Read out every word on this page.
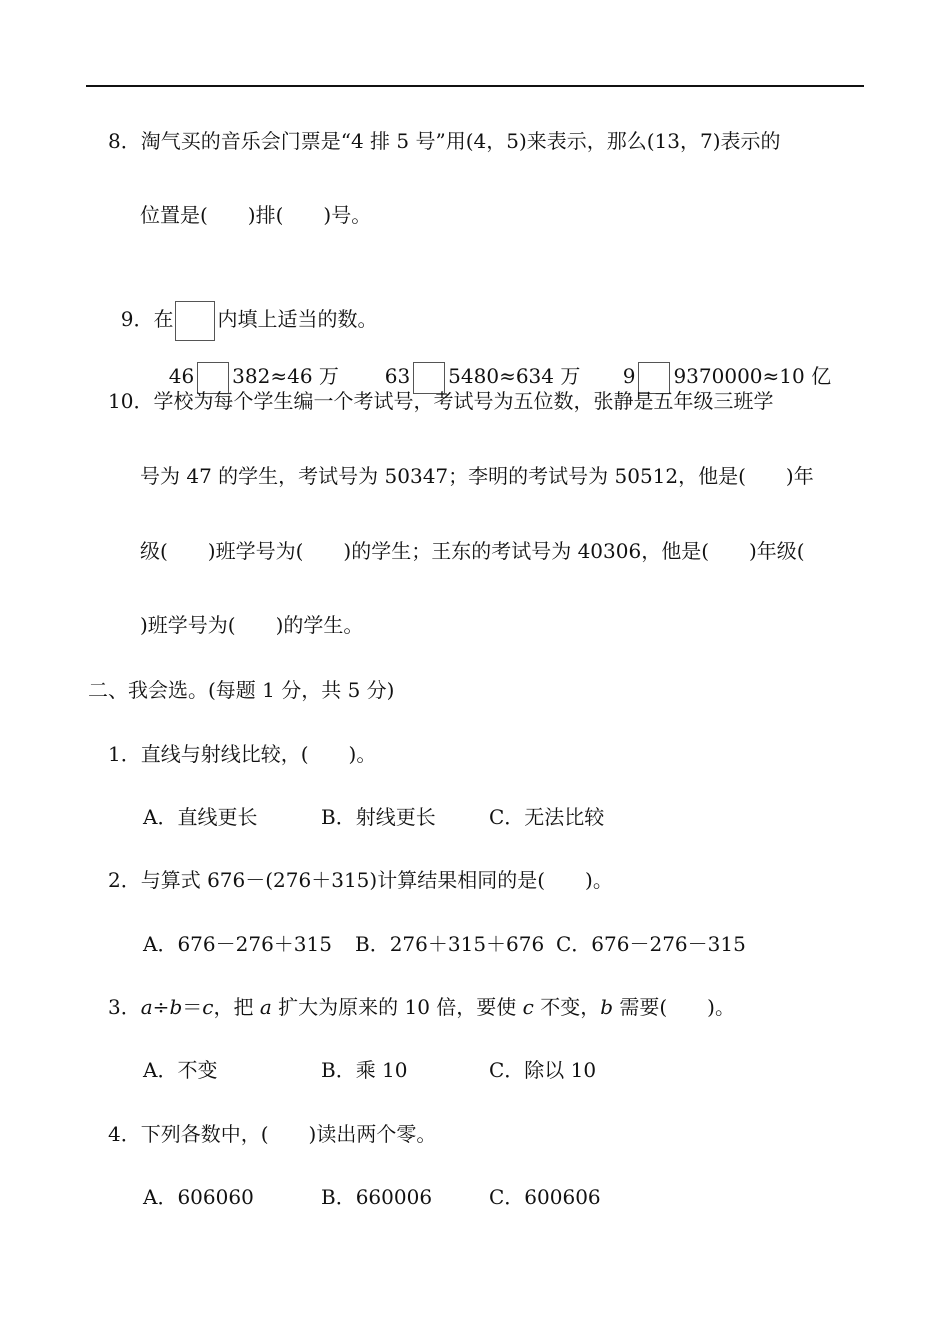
8．淘气买的音乐会门票是“4 排 5 号”用(4，5)来表示，那么(13，7)表示的
位置是(　　)排(　　)号。

9．在 内填上适当的数。

46 382≈46 万	63 5480≈634 万	9 9370000≈10 亿

10．学校为每个学生编一个考试号，考试号为五位数，张静是五年级三班学
号为 47 的学生，考试号为 50347；李明的考试号为 50512，他是(　　)年
级(　　)班学号为(　　)的学生；王东的考试号为 40306，他是(　　)年级(
)班学号为(　　)的学生。
二、我会选。(每题 1 分，共 5 分)
1．直线与射线比较，(　　)。
A．直线更长	B．射线更长	C．无法比较
2．与算式 676－(276＋315)计算结果相同的是(　　)。
A．676－276＋315 B．276＋315＋676 C．676－276－315
3．a÷b＝c，把 a 扩大为原来的 10 倍，要使 c 不变，b 需要(　　)。
A．不变	B．乘 10	C．除以 10
4．下列各数中，(　　)读出两个零。
A．606060	B．660006	C．600606
